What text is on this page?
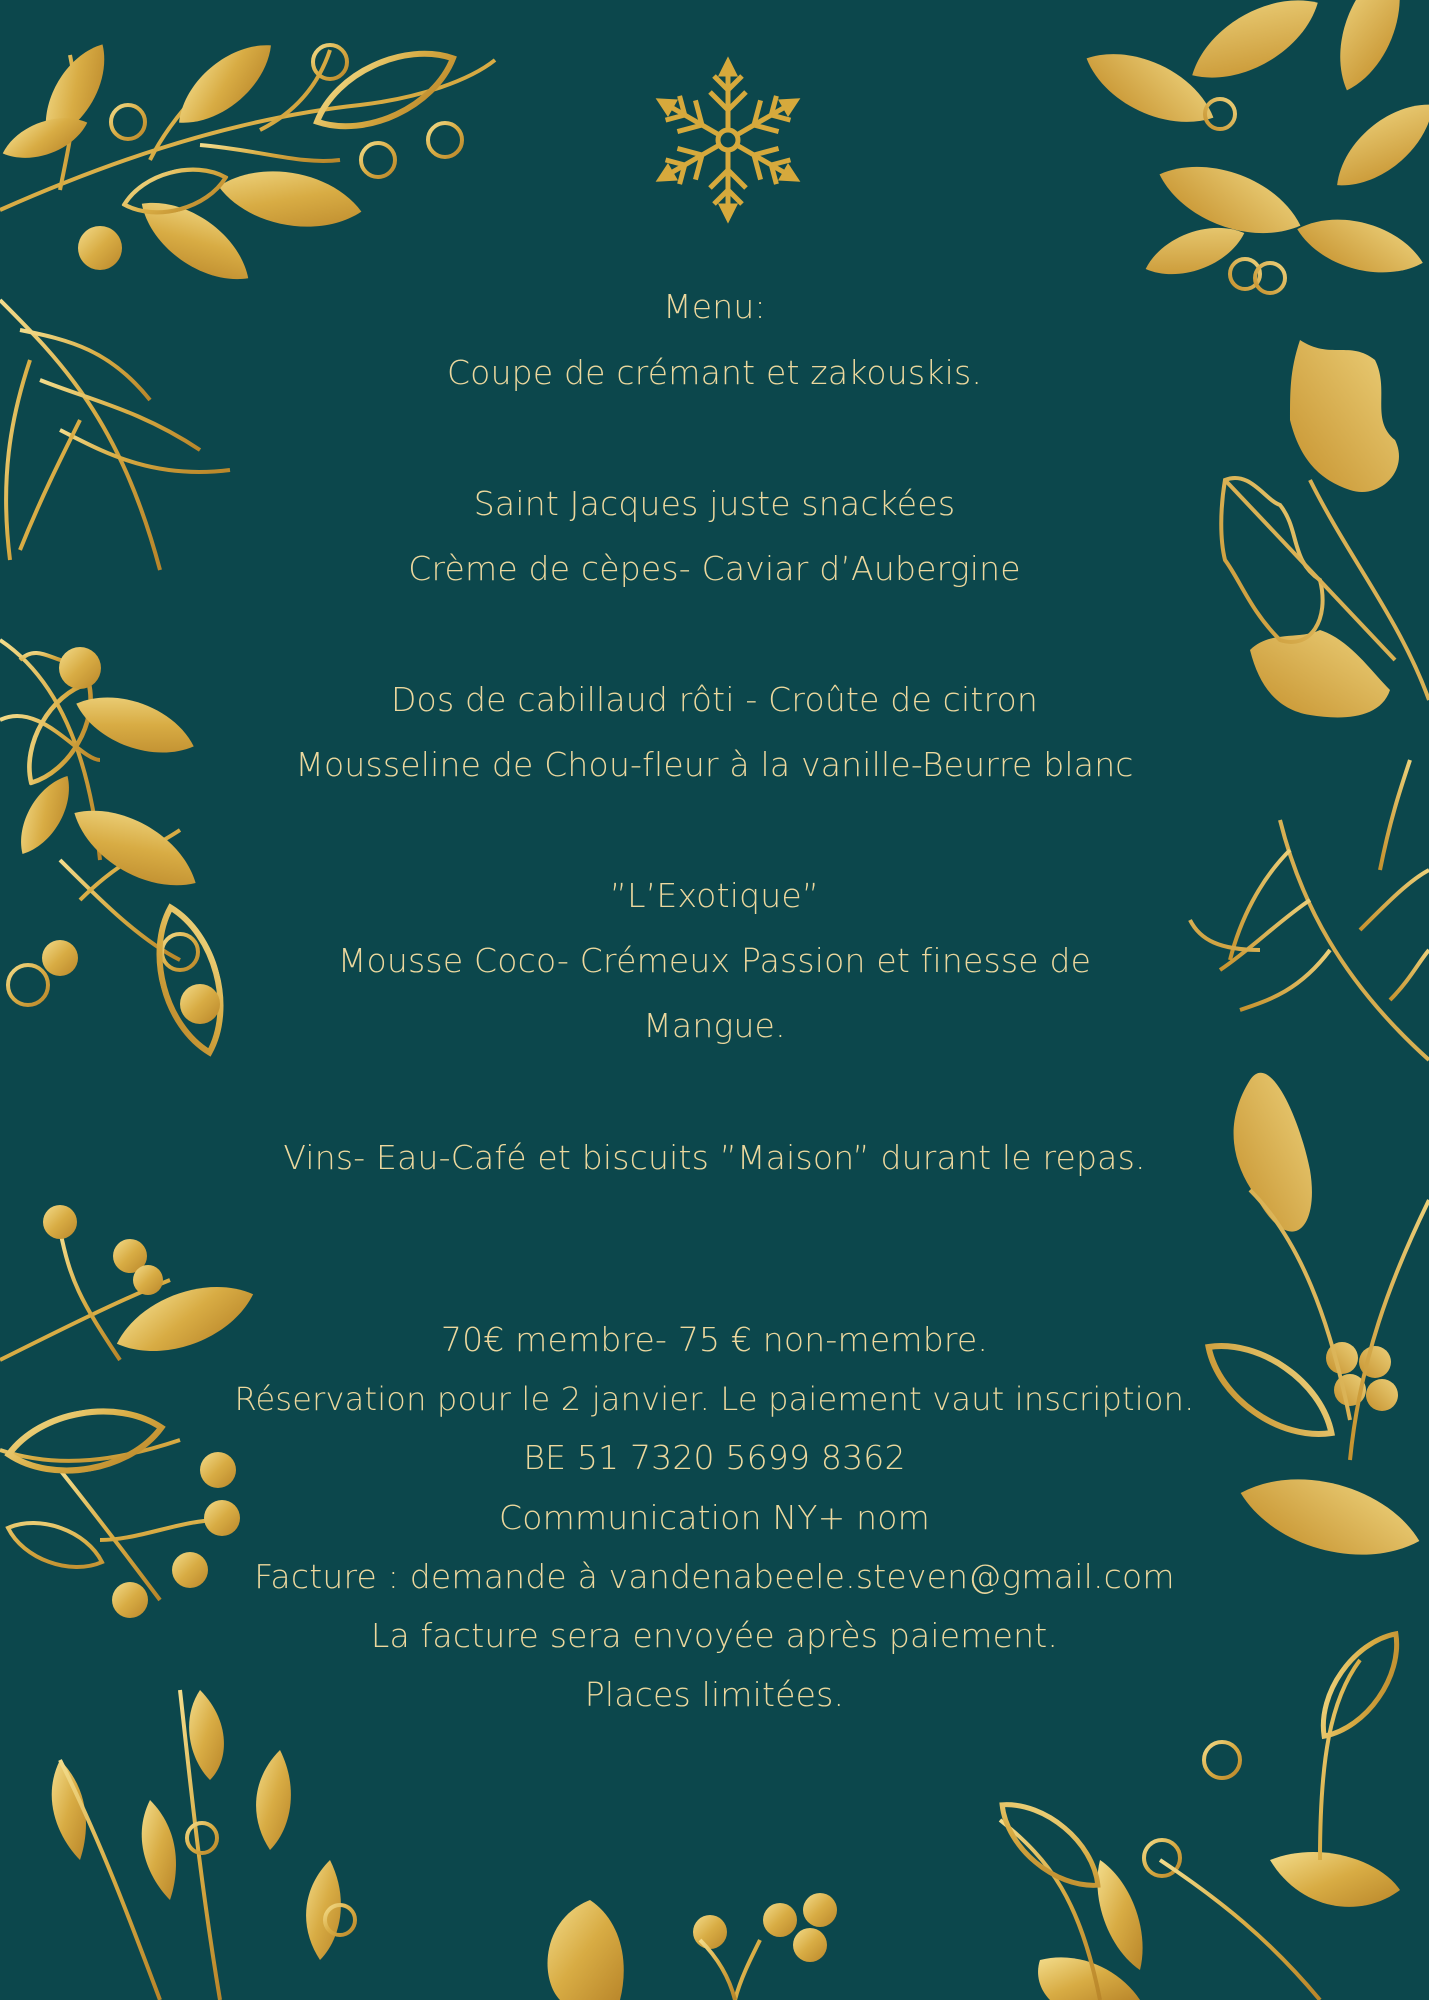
Menu:
Coupe de crémant et zakouskis.
Saint Jacques juste snackées
Crème de cèpes- Caviar d’Aubergine
Dos de cabillaud rôti - Croûte de citron
Mousseline de Chou-fleur à la vanille-Beurre blanc
”L’Exotique”
Mousse Coco- Crémeux Passion et finesse de
Mangue.
Vins- Eau-Café et biscuits ”Maison” durant le repas.
70€ membre- 75 € non-membre.
Réservation pour le 2 janvier. Le paiement vaut inscription.
BE 51 7320 5699 8362
Communication NY+ nom
Facture : demande à vandenabeele.steven@gmail.com
La facture sera envoyée après paiement.
Places limitées.
